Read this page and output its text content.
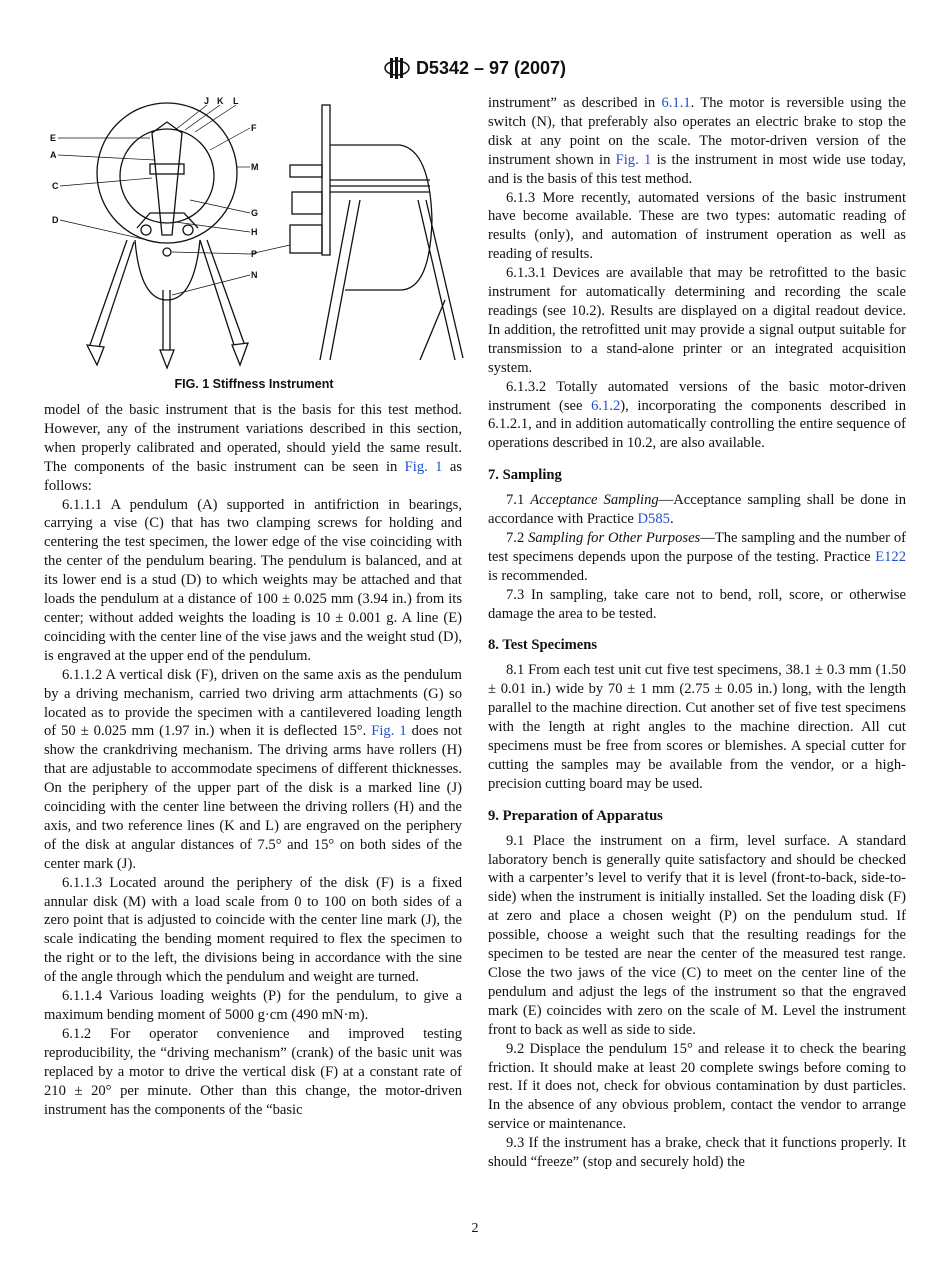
D5342 – 97 (2007)
J K L
F
E
A
M
C
G
D
H
P
N
FIG. 1 Stiffness Instrument

model of the basic instrument that is the basis for this test method. However, any of the instrument variations described in this section, when properly calibrated and operated, should yield the same result. The components of the basic instrument can be seen in Fig. 1 as follows:

6.1.1.1 A pendulum (A) supported in antifriction in bearings, carrying a vise (C) that has two clamping screws for holding and centering the test specimen, the lower edge of the vise coinciding with the center of the pendulum bearing. The pendulum is balanced, and at its lower end is a stud (D) to which weights may be attached and that loads the pendulum at a distance of 100 ± 0.025 mm (3.94 in.) from its center; without added weights the loading is 10 ± 0.001 g. A line (E) coinciding with the center line of the vise jaws and the weight stud (D), is engraved at the upper end of the pendulum.

6.1.1.2 A vertical disk (F), driven on the same axis as the pendulum by a driving mechanism, carried two driving arm attachments (G) so located as to provide the specimen with a cantilevered loading length of 50 ± 0.025 mm (1.97 in.) when it is deflected 15°. Fig. 1 does not show the crankdriving mechanism. The driving arms have rollers (H) that are adjustable to accommodate specimens of different thicknesses. On the periphery of the upper part of the disk is a marked line (J) coinciding with the center line between the driving rollers (H) and the axis, and two reference lines (K and L) are engraved on the periphery of the disk at angular distances of 7.5° and 15° on both sides of the center mark (J).

6.1.1.3 Located around the periphery of the disk (F) is a fixed annular disk (M) with a load scale from 0 to 100 on both sides of a zero point that is adjusted to coincide with the center line mark (J), the scale indicating the bending moment required to flex the specimen to the right or to the left, the divisions being in accordance with the sine of the angle through which the pendulum and weight are turned.

6.1.1.4 Various loading weights (P) for the pendulum, to give a maximum bending moment of 5000 g·cm (490 mN·m).

6.1.2 For operator convenience and improved testing reproducibility, the “driving mechanism” (crank) of the basic unit was replaced by a motor to drive the vertical disk (F) at a constant rate of 210 ± 20° per minute. Other than this change, the motor-driven instrument has the components of the “basic

instrument” as described in 6.1.1. The motor is reversible using the switch (N), that preferably also operates an electric brake to stop the disk at any point on the scale. The motor-driven version of the instrument shown in Fig. 1 is the instrument in most wide use today, and is the basis of this test method.

6.1.3 More recently, automated versions of the basic instrument have become available. These are two types: automatic reading of results (only), and automation of instrument operation as well as reading of results.

6.1.3.1 Devices are available that may be retrofitted to the basic instrument for automatically determining and recording the scale readings (see 10.2). Results are displayed on a digital readout device. In addition, the retrofitted unit may provide a signal output suitable for transmission to a stand-alone printer or an integrated acquisition system.

6.1.3.2 Totally automated versions of the basic motor-driven instrument (see 6.1.2), incorporating the components described in 6.1.2.1, and in addition automatically controlling the entire sequence of operations described in 10.2, are also available.

7. Sampling

7.1 Acceptance Sampling—Acceptance sampling shall be done in accordance with Practice D585.

7.2 Sampling for Other Purposes—The sampling and the number of test specimens depends upon the purpose of the testing. Practice E122 is recommended.

7.3 In sampling, take care not to bend, roll, score, or otherwise damage the area to be tested.

8. Test Specimens

8.1 From each test unit cut five test specimens, 38.1 ± 0.3 mm (1.50 ± 0.01 in.) wide by 70 ± 1 mm (2.75 ± 0.05 in.) long, with the length parallel to the machine direction. Cut another set of five test specimens with the length at right angles to the machine direction. All cut specimens must be free from scores or blemishes. A special cutter for cutting the samples may be available from the vendor, or a high-precision cutting board may be used.

9. Preparation of Apparatus

9.1 Place the instrument on a firm, level surface. A standard laboratory bench is generally quite satisfactory and should be checked with a carpenter’s level to verify that it is level (front-to-back, side-to-side) when the instrument is initially installed. Set the loading disk (F) at zero and place a chosen weight (P) on the pendulum stud. If possible, choose a weight such that the resulting readings for the specimen to be tested are near the center of the measured test range. Close the two jaws of the vice (C) to meet on the center line of the pendulum and adjust the legs of the instrument so that the engraved mark (E) coincides with zero on the scale of M. Level the instrument front to back as well as side to side.

9.2 Displace the pendulum 15° and release it to check the bearing friction. It should make at least 20 complete swings before coming to rest. If it does not, check for obvious contamination by dust particles. In the absence of any obvious problem, contact the vendor to arrange service or maintenance.

9.3 If the instrument has a brake, check that it functions properly. It should “freeze” (stop and securely hold) the

2
